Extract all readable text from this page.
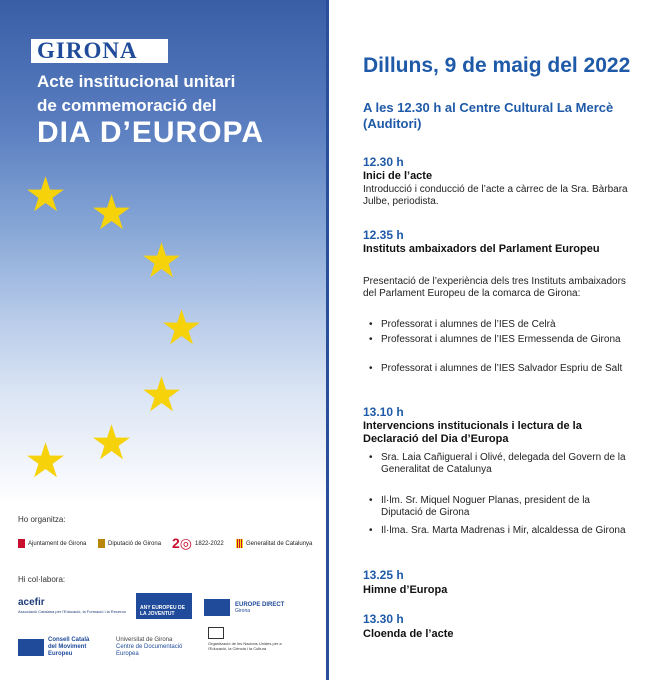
GIRONA
Acte institucional unitari
de commemoració del
DIA D’EUROPA
★ ★
★
★
★
★
★
Ho organitza:
Ajuntament de Girona	Diputació de Girona 2◎ 1822-2022	Generalitat de Catalunya
Hi col·labora:
acefir
Associació Catalana per l'Educació, la Formació i la Recerca
ANY EUROPEU DE LA JOVENTUT
EUROPE DIRECT
Girona
Consell Català del Moviment Europeu
Universitat de Girona
Centre de Documentació Europea
Organització de les Nacions Unides per a l'Educació, la Ciència i la Cultura
Dilluns, 9 de maig del 2022
A les 12.30 h al Centre Cultural La Mercè (Auditori)
12.30 h
Inici de l’acte
Introducció i conducció de l’acte a càrrec de la Sra. Bàrbara Julbe, periodista.
12.35 h
Instituts ambaixadors del Parlament Europeu
Presentació de l’experiència dels tres Instituts ambaixadors del Parlament Europeu de la comarca de Girona:
• Professorat i alumnes de l’IES de Celrà
• Professorat i alumnes de l’IES Ermessenda de Girona
• Professorat i alumnes de l’IES Salvador Espriu de Salt
13.10 h
Intervencions institucionals i lectura de la Declaració del Dia d’Europa
• Sra. Laia Cañigueral i Olivé, delegada del Govern de la Generalitat de Catalunya
• Il·lm. Sr. Miquel Noguer Planas, president de la Diputació de Girona
• Il·lma. Sra. Marta Madrenas i Mir, alcaldessa de Girona
13.25 h
Himne d’Europa
13.30 h
Cloenda de l’acte
